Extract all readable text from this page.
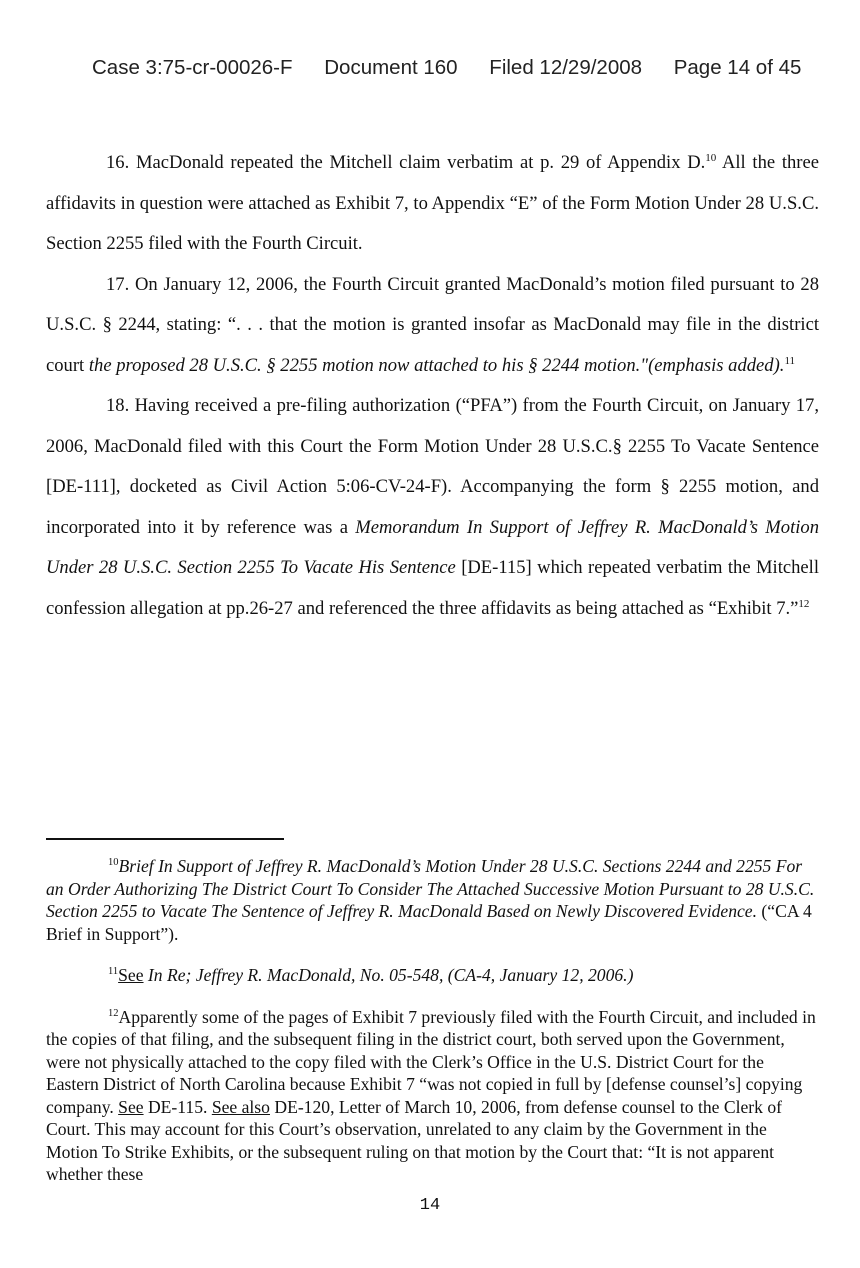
Case 3:75-cr-00026-F Document 160 Filed 12/29/2008 Page 14 of 45

16. MacDonald repeated the Mitchell claim verbatim at p. 29 of Appendix D.$^{10}$ All the three affidavits in question were attached as Exhibit 7, to Appendix “E” of the Form Motion Under 28 U.S.C. Section 2255 filed with the Fourth Circuit.

17. On January 12, 2006, the Fourth Circuit granted MacDonald’s motion filed pursuant to 28 U.S.C. § 2244, stating: “. . . that the motion is granted insofar as MacDonald may file in the district court the proposed 28 U.S.C. § 2255 motion now attached to his § 2244 motion."(emphasis added).$^{11}$

18. Having received a pre-filing authorization (“PFA”) from the Fourth Circuit, on January 17, 2006, MacDonald filed with this Court the Form Motion Under 28 U.S.C.§ 2255 To Vacate Sentence [DE-111], docketed as Civil Action 5:06-CV-24-F). Accompanying the form § 2255 motion, and incorporated into it by reference was a Memorandum In Support of Jeffrey R. MacDonald’s Motion Under 28 U.S.C. Section 2255 To Vacate His Sentence [DE-115] which repeated verbatim the Mitchell confession allegation at pp.26-27 and referenced the three affidavits as being attached as “Exhibit 7.”$^{12}$

$^{10}$Brief In Support of Jeffrey R. MacDonald’s Motion Under 28 U.S.C. Sections 2244 and 2255 For an Order Authorizing The District Court To Consider The Attached Successive Motion Pursuant to 28 U.S.C. Section 2255 to Vacate The Sentence of Jeffrey R. MacDonald Based on Newly Discovered Evidence. (“CA 4 Brief in Support”).

$^{11}$See In Re; Jeffrey R. MacDonald, No. 05-548, (CA-4, January 12, 2006.)

$^{12}$Apparently some of the pages of Exhibit 7 previously filed with the Fourth Circuit, and included in the copies of that filing, and the subsequent filing in the district court, both served upon the Government, were not physically attached to the copy filed with the Clerk’s Office in the U.S. District Court for the Eastern District of North Carolina because Exhibit 7 “was not copied in full by [defense counsel’s] copying company. See DE-115. See also DE-120, Letter of March 10, 2006, from defense counsel to the Clerk of Court. This may account for this Court’s observation, unrelated to any claim by the Government in the Motion To Strike Exhibits, or the subsequent ruling on that motion by the Court that: “It is not apparent whether these

14
